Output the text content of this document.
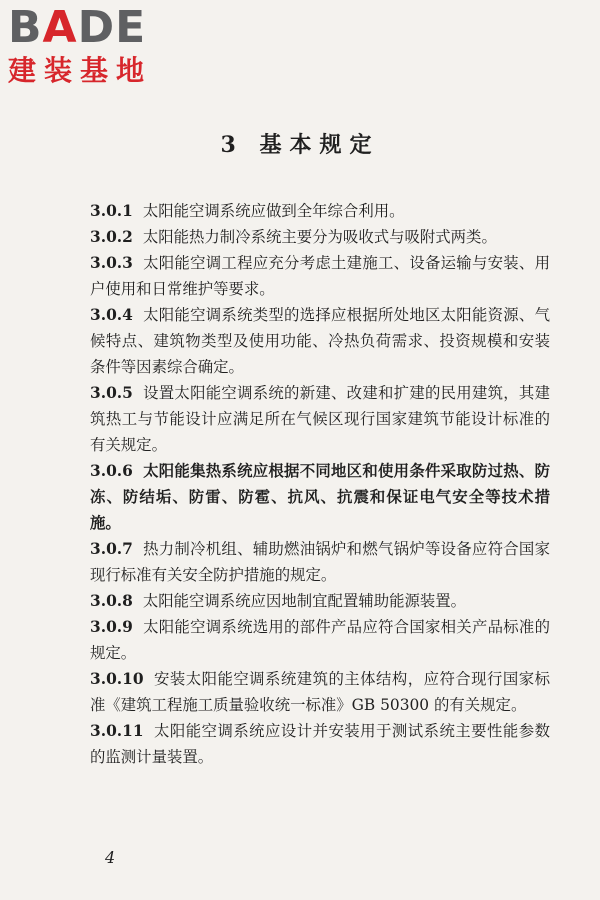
BADE
建装基地
3 基本规定

3.0.1 太阳能空调系统应做到全年综合利用。

3.0.2 太阳能热力制冷系统主要分为吸收式与吸附式两类。

3.0.3 太阳能空调工程应充分考虑土建施工、设备运输与安装、用户使用和日常维护等要求。

3.0.4 太阳能空调系统类型的选择应根据所处地区太阳能资源、气候特点、建筑物类型及使用功能、冷热负荷需求、投资规模和安装条件等因素综合确定。

3.0.5 设置太阳能空调系统的新建、改建和扩建的民用建筑，其建筑热工与节能设计应满足所在气候区现行国家建筑节能设计标准的有关规定。

3.0.6 太阳能集热系统应根据不同地区和使用条件采取防过热、防冻、防结垢、防雷、防雹、抗风、抗震和保证电气安全等技术措施。

3.0.7 热力制冷机组、辅助燃油锅炉和燃气锅炉等设备应符合国家现行标准有关安全防护措施的规定。

3.0.8 太阳能空调系统应因地制宜配置辅助能源装置。

3.0.9 太阳能空调系统选用的部件产品应符合国家相关产品标准的规定。

3.0.10 安装太阳能空调系统建筑的主体结构，应符合现行国家标准《建筑工程施工质量验收统一标准》GB 50300 的有关规定。

3.0.11 太阳能空调系统应设计并安装用于测试系统主要性能参数的监测计量装置。

4
